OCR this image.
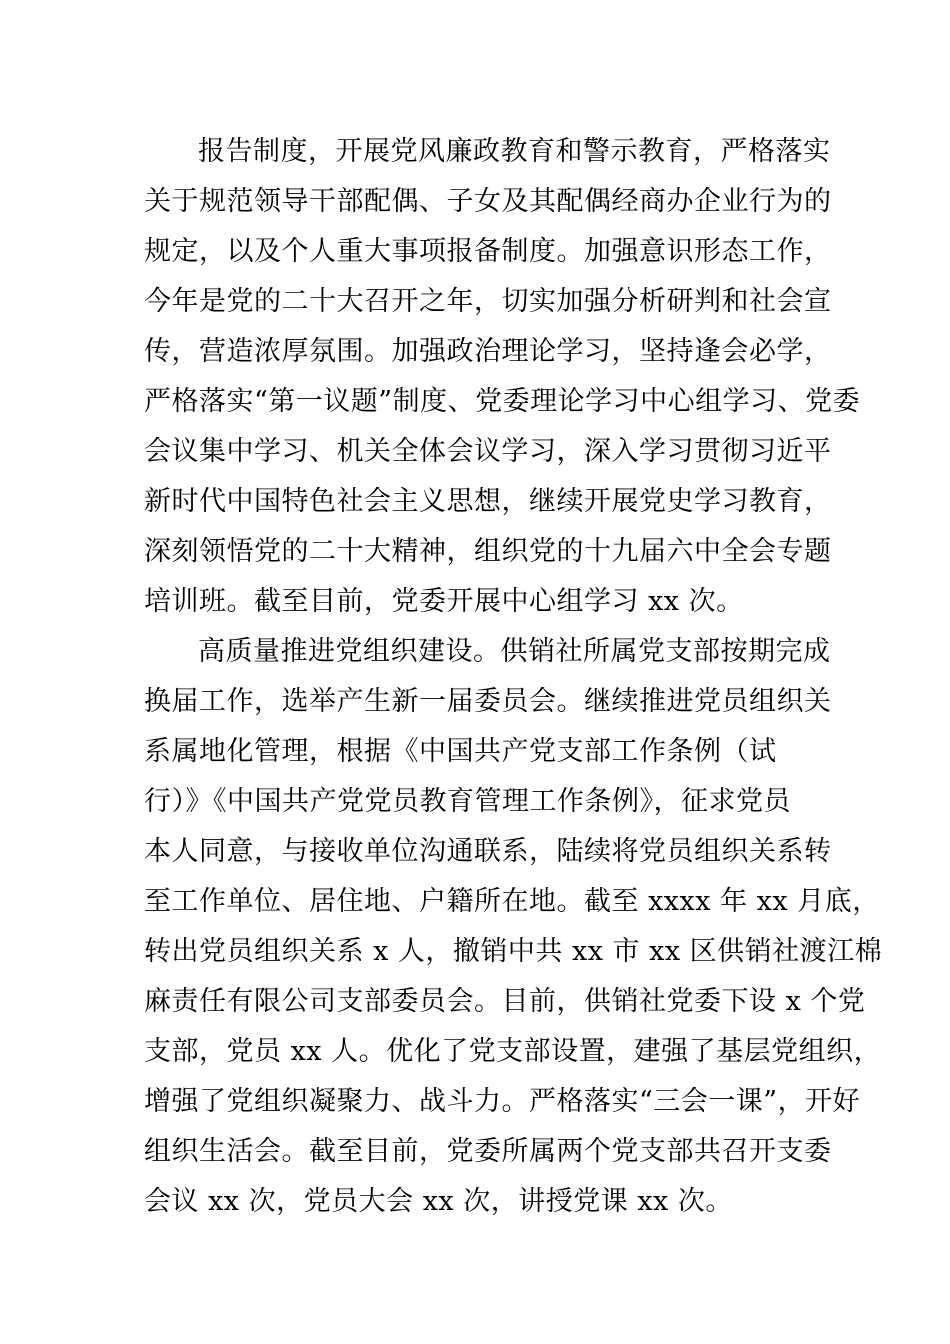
报告制度，开展党风廉政教育和警示教育，严格落实
关于规范领导干部配偶、子女及其配偶经商办企业行为的
规定，以及个人重大事项报备制度。加强意识形态工作，
今年是党的二十大召开之年，切实加强分析研判和社会宣
传，营造浓厚氛围。加强政治理论学习，坚持逢会必学，
严格落实“第一议题”制度、党委理论学习中心组学习、党委
会议集中学习、机关全体会议学习，深入学习贯彻习近平
新时代中国特色社会主义思想，继续开展党史学习教育，
深刻领悟党的二十大精神，组织党的十九届六中全会专题
培训班。截至目前，党委开展中心组学习 xx 次。
高质量推进党组织建设。供销社所属党支部按期完成
换届工作，选举产生新一届委员会。继续推进党员组织关
系属地化管理，根据《中国共产党支部工作条例（试
行）》《中国共产党党员教育管理工作条例》，征求党员
本人同意，与接收单位沟通联系，陆续将党员组织关系转
至工作单位、居住地、户籍所在地。截至 xxxx 年 xx 月底，
转出党员组织关系 x 人，撤销中共 xx 市 xx 区供销社渡江棉
麻责任有限公司支部委员会。目前，供销社党委下设 x 个党
支部，党员 xx 人。优化了党支部设置，建强了基层党组织，
增强了党组织凝聚力、战斗力。严格落实“三会一课”，开好
组织生活会。截至目前，党委所属两个党支部共召开支委
会议 xx 次，党员大会 xx 次，讲授党课 xx 次。
